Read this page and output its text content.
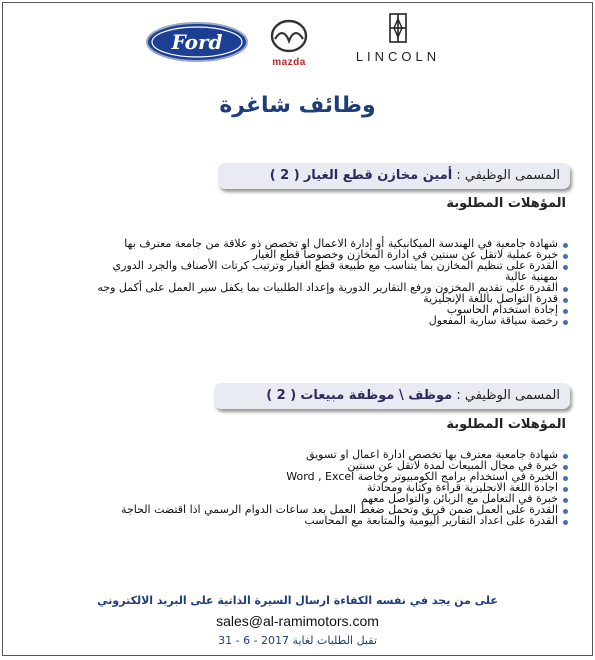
Ford
mazda	LINCOLN
وظائف شاغرة
المسمى الوظيفي : أمين مخازن قطع الغيار ( 2 )
المؤهلات المطلوبة
شهادة جامعية في الهندسة الميكانيكية أو إدارة الاعمال او تخصص ذو علاقة من جامعة معترف بها
خبرة عملية لاتقل عن سنتين في ادارة المخازن وخصوصاً قطع الغيار
القدرة على تنظيم المخازن بما يتناسب مع طبيعة قطع الغيار وترتيب كرتات الأصناف والجرد الدوري
بمهنية عالية
القدرة على تقديم المخزون ورفع التقارير الدورية وإعداد الطلبيات بما يكفل سير العمل على أكمل وجه
قدرة التواصل باللغة الإنجليزية
إجادة استخدام الحاسوب
رخصة سياقة سارية المفعول
المسمى الوظيفي : موظف \ موظفة مبيعات ( 2 )
المؤهلات المطلوبة
شهادة جامعية معترف بها تخصص ادارة اعمال او تسويق
خبرة في مجال المبيعات لمدة لاتقل عن سنتين
الخبرة في استخدام برامج الكومبيوتر وخاصة Word , Excel
اجادة اللغة الانجليزية قراءة وكتابة ومحادثة
خبرة في التعامل مع الزبائن والتواصل معهم
القدرة على العمل ضمن فريق وتحمل ضغط العمل بعد ساعات الدوام الرسمي اذا اقتضت الحاجة
القدرة على اعداد التقارير اليومية والمتابعة مع المحاسب
على من يجد في نفسه الكفاءة ارسال السيرة الذاتية على البريد الالكتروني
sales@al-ramimotors.com
تقبل الطلبات لغاية 2017 - 6 - 31
